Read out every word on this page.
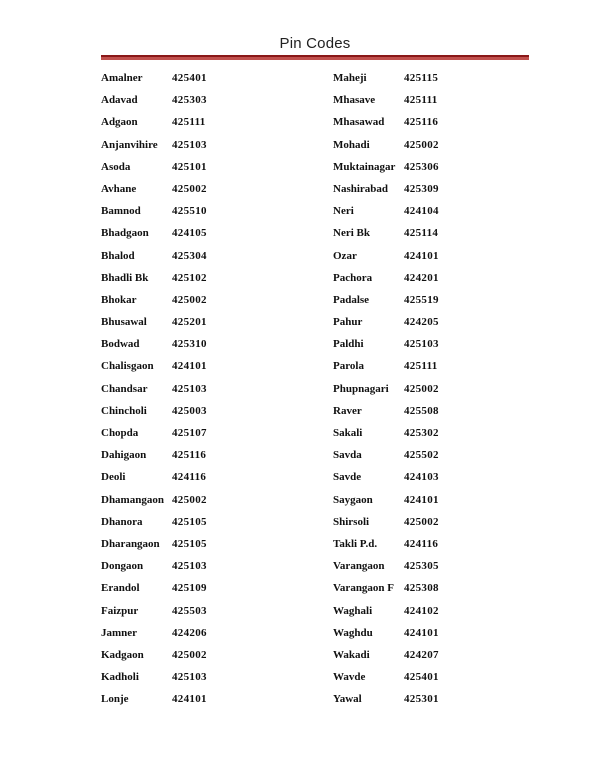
Pin Codes
Amalner	425401
Adavad	425303
Adgaon	425111
Anjanvihire	425103
Asoda	425101
Avhane	425002
Bamnod	425510
Bhadgaon	424105
Bhalod	425304
Bhadli Bk	425102
Bhokar	425002
Bhusawal	425201
Bodwad	425310
Chalisgaon	424101
Chandsar	425103
Chincholi	425003
Chopda	425107
Dahigaon	425116
Deoli	424116
Dhamangaon 425002
Dhanora	425105
Dharangaon	425105
Dongaon	425103
Erandol	425109
Faizpur	425503
Jamner	424206
Kadgaon	425002
Kadholi	425103
Lonje	424101
Maheji	425115
Mhasave	425111
Mhasawad	425116
Mohadi	425002
Muktainagar 425306
Nashirabad	425309
Neri	424104
Neri Bk	425114
Ozar	424101
Pachora	424201
Padalse	425519
Pahur	424205
Paldhi	425103
Parola	425111
Phupnagari	425002
Raver	425508
Sakali	425302
Savda	425502
Savde	424103
Saygaon	424101
Shirsoli	425002
Takli P.d.	424116
Varangaon	425305
Varangaon F 425308
Waghali	424102
Waghdu	424101
Wakadi	424207
Wavde	425401
Yawal	425301
